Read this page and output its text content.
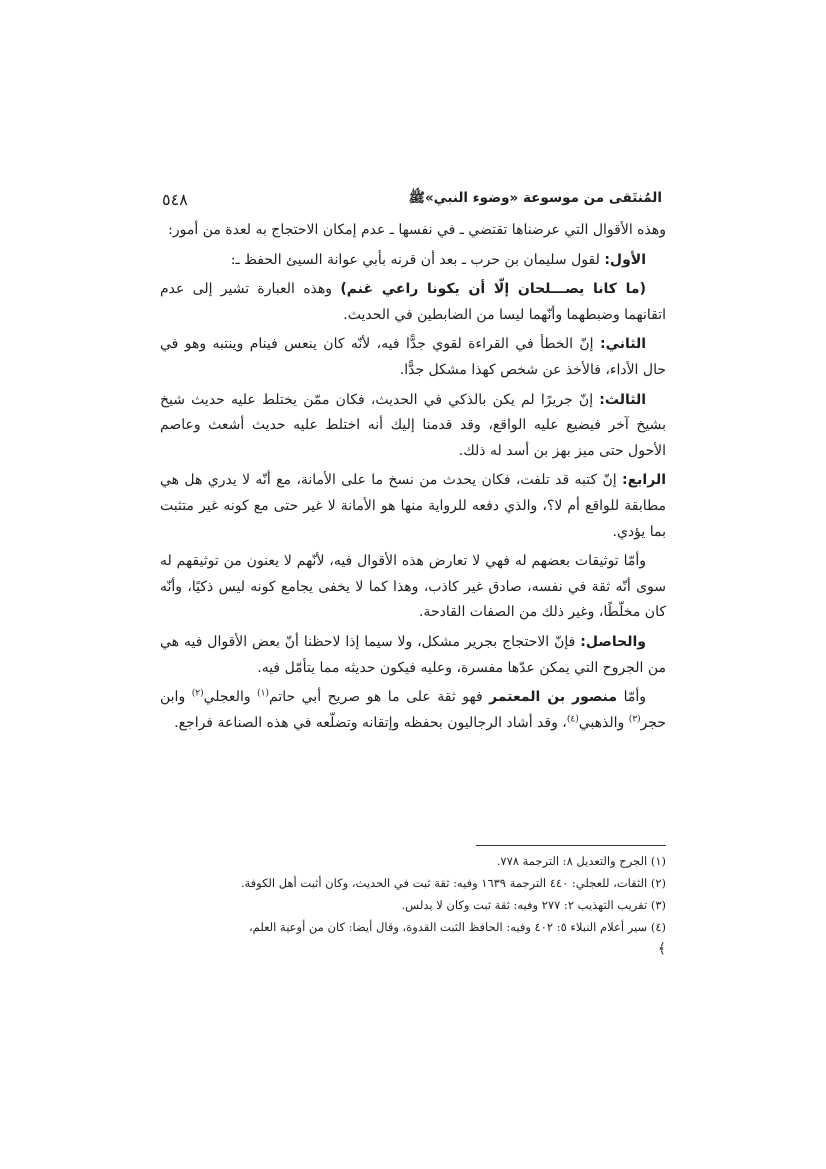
المُنتَقى من موسوعة «وضوء النبي»ﷺ
٥٤٨

وهذه الأقوال التي عرضناها تقتضي ـ في نفسها ـ عدم إمكان الاحتجاج به لعدة من أمور:

الأول: لقول سليمان بن حرب ـ بعد أن قرنه بأبي عوانة السيئ الحفظ ـ:

(ما كانا يصـــلحان إلّا أن يكونا راعي غنم) وهذه العبارة تشير إلى عدم اتقانهما وضبطهما وأنّهما ليسا من الضابطين في الحديث.

الثاني: إنّ الخطأ في القراءة لقوي جدًّا فيه، لأنّه كان ينعس فينام وينتبه وهو في حال الأداء، فالأخذ عن شخص كهذا مشكل جدًّا.

الثالث: إنّ جريرًا لم يكن بالذكي في الحديث، فكان ممّن يختلط عليه حديث شيخ بشيخ آخر فيضيع عليه الواقع، وقد قدمنا إليك أنه اختلط عليه حديث أشعث وعاصم الأحول حتى ميز بهز بن أسد له ذلك.

الرابع: إنّ كتبه قد تلفت، فكان يحدث من نسخ ما على الأمانة، مع أنّه لا يدري هل هي مطابقة للواقع أم لا؟، والذي دفعه للرواية منها هو الأمانة لا غير حتى مع كونه غير متثبت بما يؤدي.

وأمّا توثيقات بعضهم له فهي لا تعارض هذه الأقوال فيه، لأنّهم لا يعنون من توثيقهم له سوى أنّه ثقة في نفسه، صادق غير كاذب، وهذا كما لا يخفى يجامع كونه ليس ذكيًا، وأنّه كان مخلّطًا، وغير ذلك من الصفات القادحة.

والحاصل: فإنّ الاحتجاج بجرير مشكل، ولا سيما إذا لاحظنا أنّ بعض الأقوال فيه هي من الجروح التي يمكن عدّها مفسرة، وعليه فيكون حديثه مما يتأمّل فيه.

وأمّا منصور بن المعتمر فهو ثقة على ما هو صريح أبي حاتم$^{(١)}$ والعجلي$^{(٢)}$ وابن حجر$^{(٣)}$ والذهبي$^{(٤)}$، وقد أشاد الرجاليون بحفظه وإتقانه وتضلّعه في هذه الصناعة فراجع.

(١) الجرح والتعديل ٨: الترجمة ٧٧٨.

(٢) الثقات، للعجلي: ٤٤٠ الترجمة ١٦٣٩ وفيه: ثقة ثبت في الحديث، وكان أثبت أهل الكوفة.

(٣) تقريب التهذيب ٢: ٢٧٧ وفيه: ثقة ثبت وكان لا يدلس.

(٤) سير أعلام النبلاء ٥: ٤٠٢ وفيه: الحافظ الثبت القدوة، وقال أيضا: كان من أوعية العلم،

﴾
